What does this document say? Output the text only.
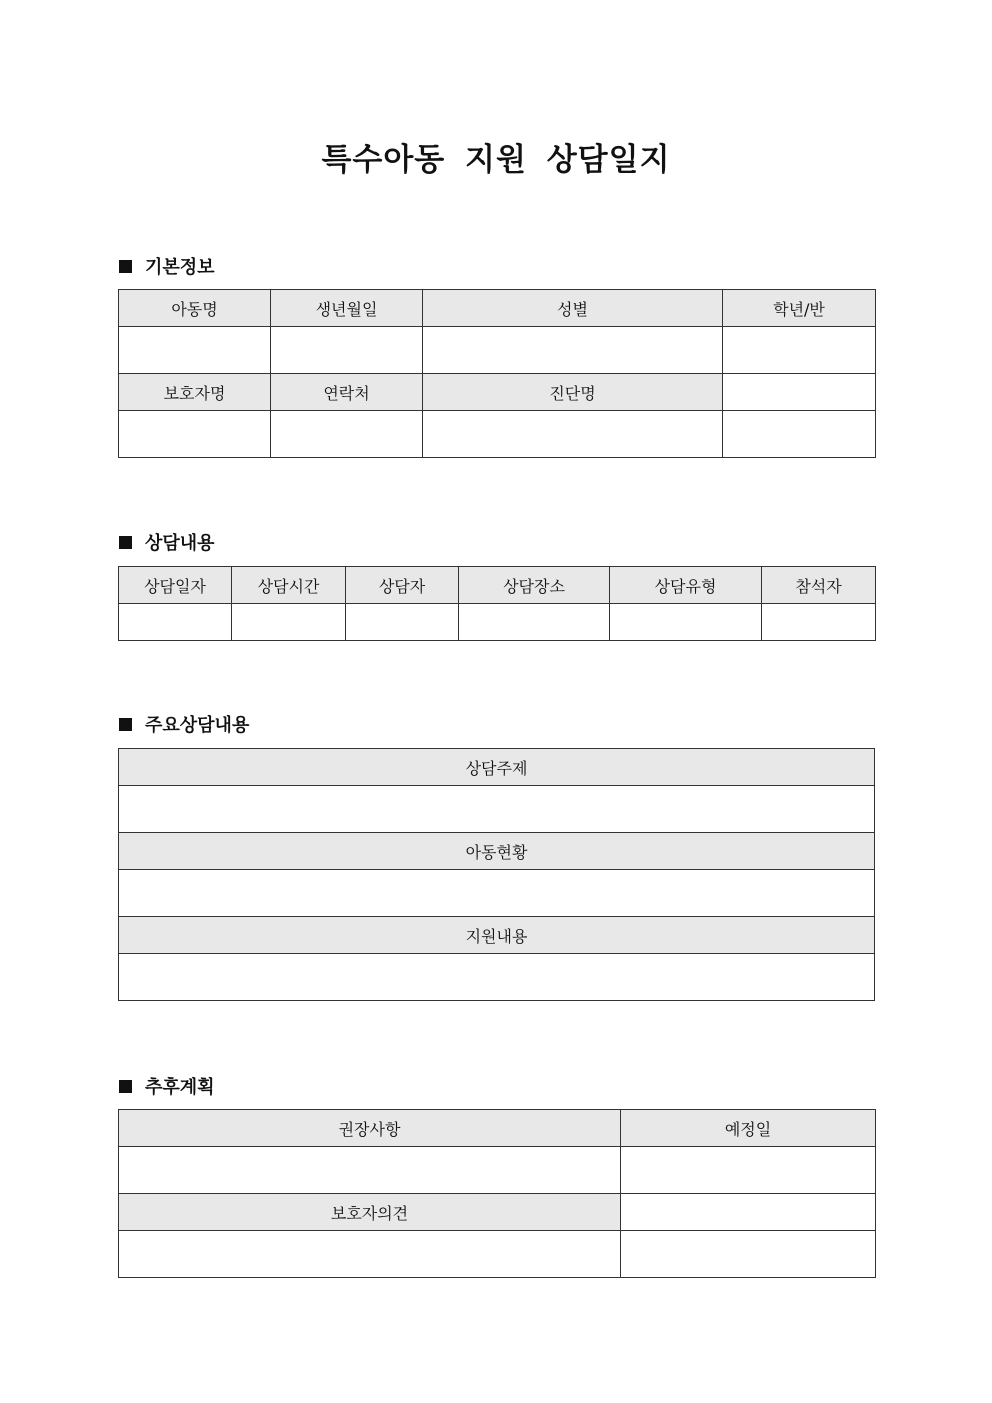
특수아동 지원 상담일지
기본정보
아동명	생년월일	성별	학년/반

보호자명	연락처	진단명	

상담내용
상담일자	상담시간	상담자	상담장소	상담유형	참석자

주요상담내용
상담주제

아동현황

지원내용

추후계획
권장사항	예정일

보호자의견	
